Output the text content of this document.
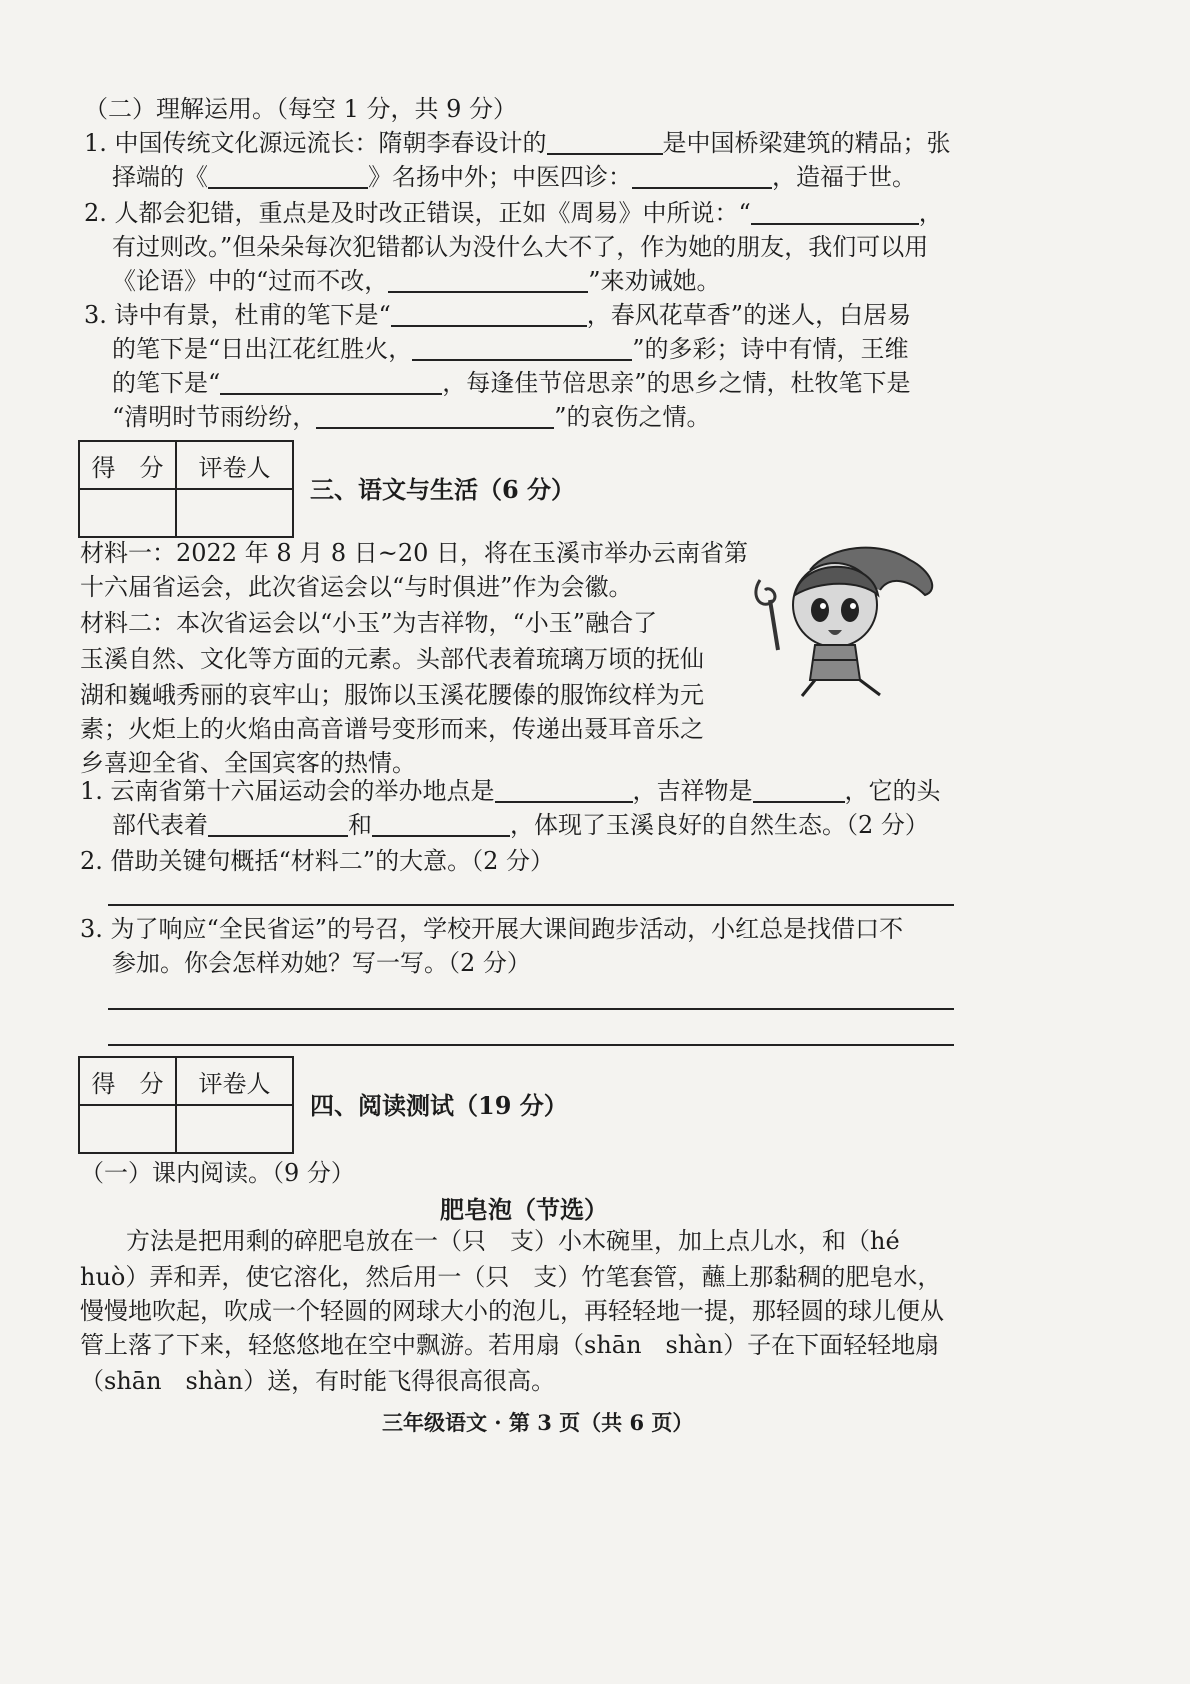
（二）理解运用。（每空 1 分，共 9 分）
1. 中国传统文化源远流长：隋朝李春设计的	是中国桥梁建筑的精品；张
择端的《	》名扬中外；中医四诊：	，造福于世。
2. 人都会犯错，重点是及时改正错误，正如《周易》中所说：“	，
有过则改。”但朵朵每次犯错都认为没什么大不了，作为她的朋友，我们可以用
《论语》中的“过而不改，	”来劝诫她。
3. 诗中有景，杜甫的笔下是“	，春风花草香”的迷人，白居易
的笔下是“日出江花红胜火，	”的多彩；诗中有情，王维
的笔下是“	，每逢佳节倍思亲”的思乡之情，杜牧笔下是
“清明时节雨纷纷，	”的哀伤之情。
得　分	评卷人

三、语文与生活（6 分）
材料一：2022 年 8 月 8 日~20 日，将在玉溪市举办云南省第
十六届省运会，此次省运会以“与时俱进”作为会徽。
材料二：本次省运会以“小玉”为吉祥物，“小玉”融合了
玉溪自然、文化等方面的元素。头部代表着琉璃万顷的抚仙
湖和巍峨秀丽的哀牢山；服饰以玉溪花腰傣的服饰纹样为元
素；火炬上的火焰由高音谱号变形而来，传递出聂耳音乐之
乡喜迎全省、全国宾客的热情。
1. 云南省第十六届运动会的举办地点是	，吉祥物是	，它的头
部代表着	和	，体现了玉溪良好的自然生态。（2 分）
2. 借助关键句概括“材料二”的大意。（2 分）
3. 为了响应“全民省运”的号召，学校开展大课间跑步活动，小红总是找借口不
参加。你会怎样劝她？写一写。（2 分）
得　分	评卷人

四、阅读测试（19 分）
（一）课内阅读。（9 分）
肥皂泡（节选）
方法是把用剩的碎肥皂放在一（只　支）小木碗里，加上点儿水，和（hé
huò）弄和弄，使它溶化，然后用一（只　支）竹笔套管，蘸上那黏稠的肥皂水，
慢慢地吹起，吹成一个轻圆的网球大小的泡儿，再轻轻地一提，那轻圆的球儿便从
管上落了下来，轻悠悠地在空中飘游。若用扇（shān　shàn）子在下面轻轻地扇
（shān　shàn）送，有时能飞得很高很高。
三年级语文 · 第 3 页（共 6 页）
